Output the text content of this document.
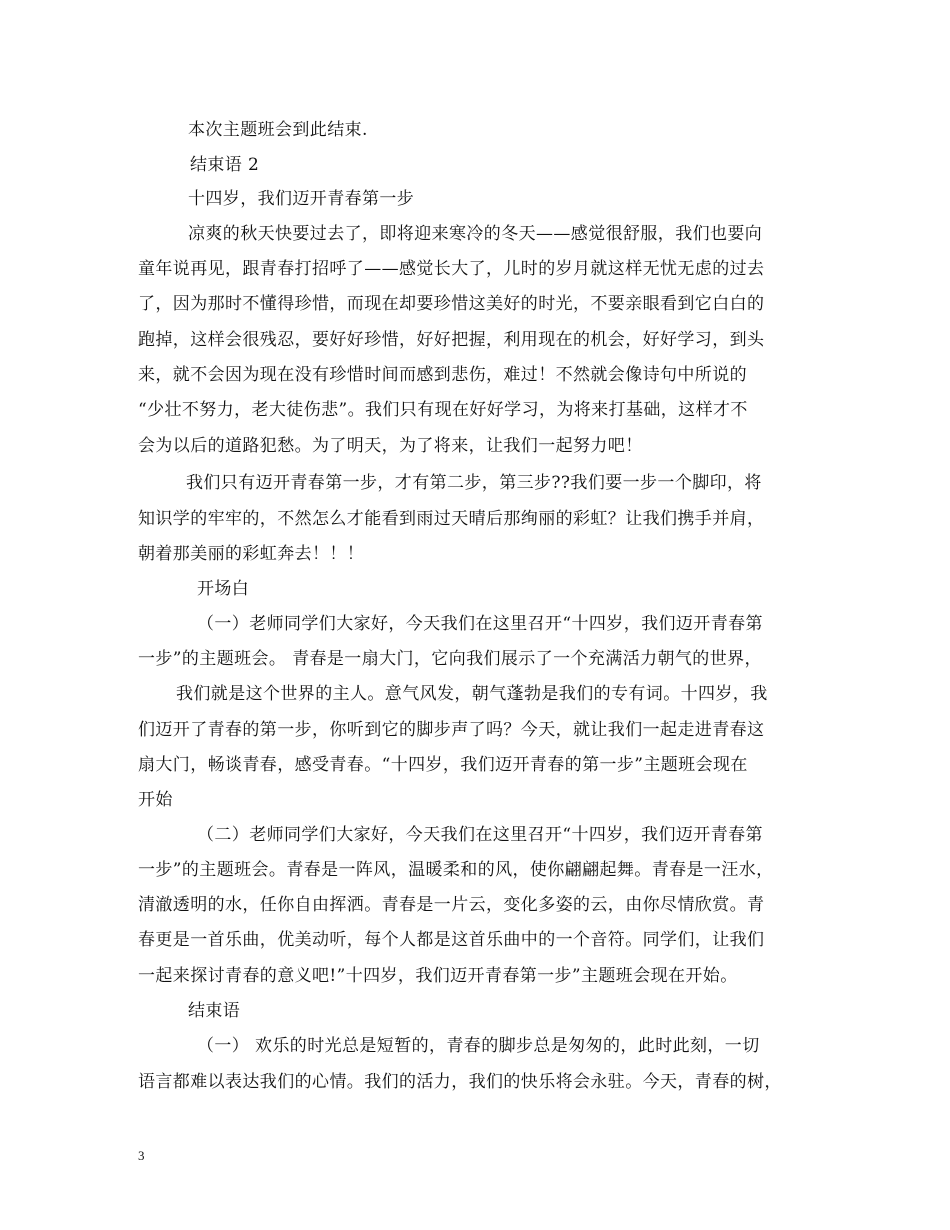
本次主题班会到此结束.
结束语 2
十四岁，我们迈开青春第一步
凉爽的秋天快要过去了，即将迎来寒冷的冬天——感觉很舒服，我们也要向
童年说再见，跟青春打招呼了——感觉长大了，儿时的岁月就这样无忧无虑的过去
了，因为那时不懂得珍惜，而现在却要珍惜这美好的时光，不要亲眼看到它白白的
跑掉，这样会很残忍，要好好珍惜，好好把握，利用现在的机会，好好学习，到头
来，就不会因为现在没有珍惜时间而感到悲伤，难过！不然就会像诗句中所说的
“少壮不努力，老大徒伤悲”。我们只有现在好好学习，为将来打基础，这样才不
会为以后的道路犯愁。为了明天，为了将来，让我们一起努力吧！
我们只有迈开青春第一步，才有第二步，第三步??我们要一步一个脚印，将
知识学的牢牢的，不然怎么才能看到雨过天晴后那绚丽的彩虹？让我们携手并肩，
朝着那美丽的彩虹奔去！！！
开场白
（一）老师同学们大家好，今天我们在这里召开“十四岁，我们迈开青春第
一步”的主题班会。 青春是一扇大门，它向我们展示了一个充满活力朝气的世界，
我们就是这个世界的主人。意气风发，朝气蓬勃是我们的专有词。十四岁，我
们迈开了青春的第一步，你听到它的脚步声了吗？今天，就让我们一起走进青春这
扇大门，畅谈青春，感受青春。“十四岁，我们迈开青春的第一步”主题班会现在
开始
（二）老师同学们大家好，今天我们在这里召开“十四岁，我们迈开青春第
一步”的主题班会。青春是一阵风，温暖柔和的风，使你翩翩起舞。青春是一汪水，
清澈透明的水，任你自由挥洒。青春是一片云，变化多姿的云，由你尽情欣赏。青
春更是一首乐曲，优美动听，每个人都是这首乐曲中的一个音符。同学们，让我们
一起来探讨青春的意义吧!”十四岁，我们迈开青春第一步”主题班会现在开始。
结束语
（一） 欢乐的时光总是短暂的，青春的脚步总是匆匆的，此时此刻，一切
语言都难以表达我们的心情。我们的活力，我们的快乐将会永驻。今天，青春的树，
3
